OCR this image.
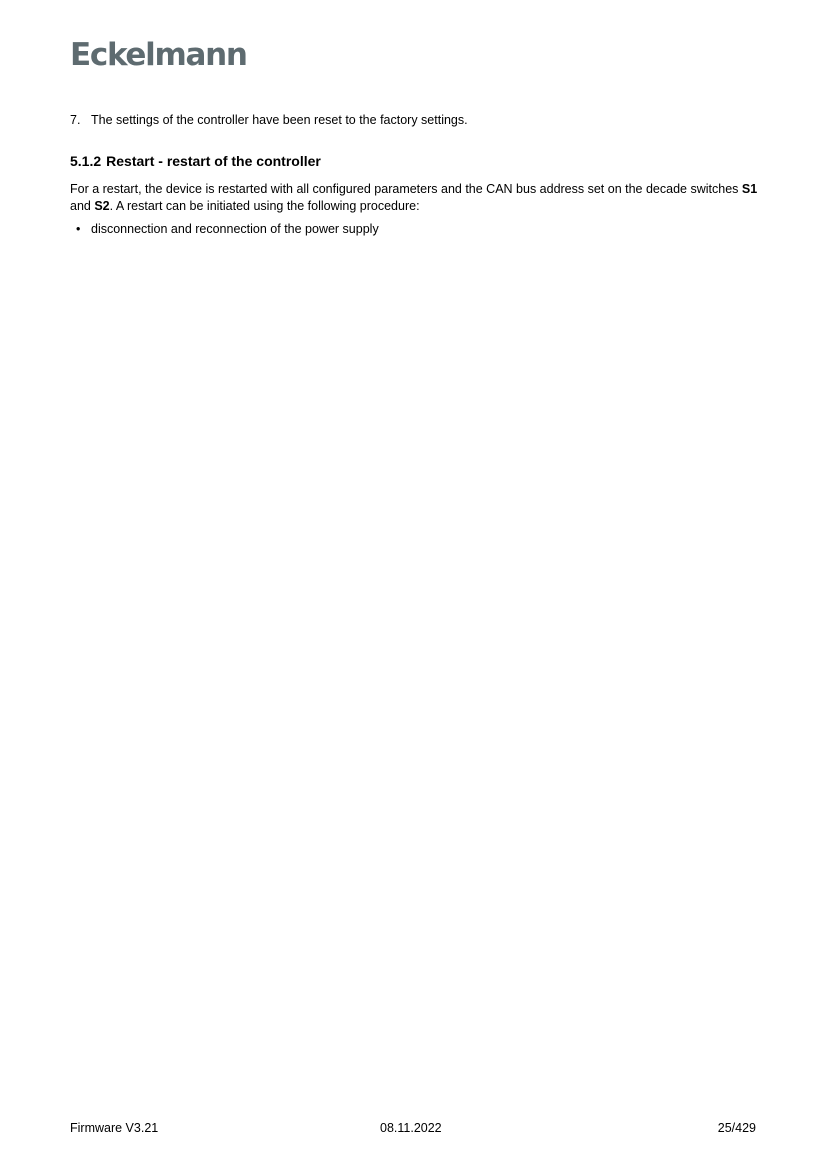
Eckelmann
7. The settings of the controller have been reset to the factory settings.
5.1.2 Restart - restart of the controller
For a restart, the device is restarted with all configured parameters and the CAN bus address set on the decade switches S1 and S2. A restart can be initiated using the following procedure:
• disconnection and reconnection of the power supply
Firmware V3.21	08.11.2022	25/429
